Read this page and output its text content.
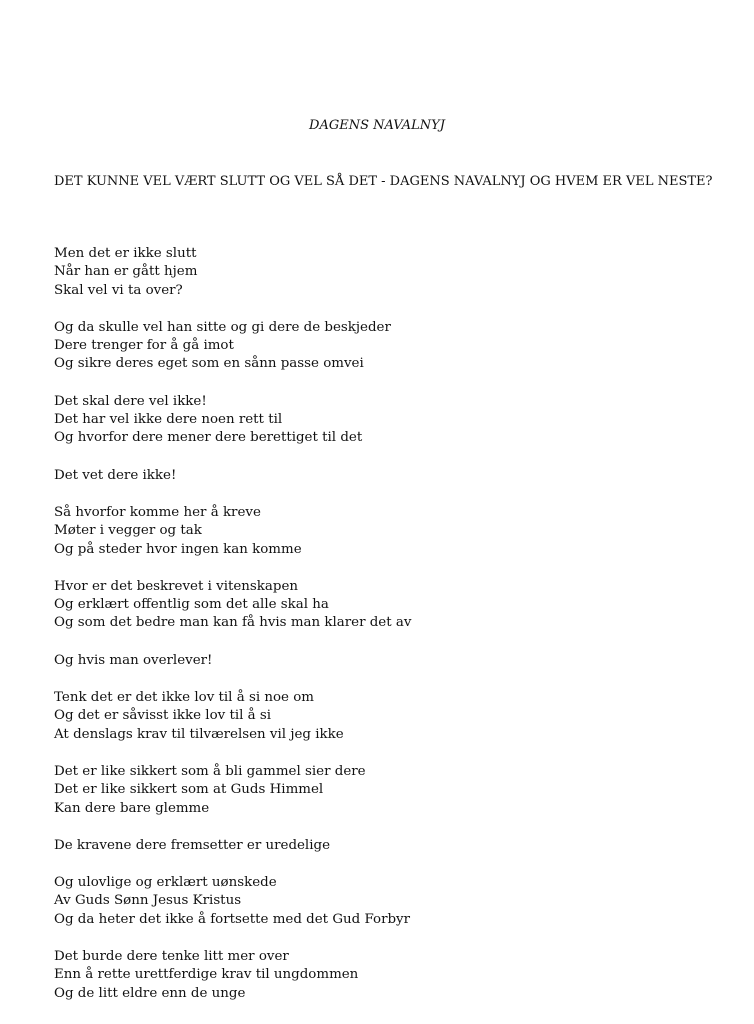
DAGENS NAVALNYJ
DET KUNNE VEL VÆRT SLUTT OG VEL SÅ DET - DAGENS NAVALNYJ OG HVEM ER VEL NESTE?
Men det er ikke slutt
Når han er gått hjem
Skal vel vi ta over?
Og da skulle vel han sitte og gi dere de beskjeder
Dere trenger for å gå imot
Og sikre deres eget som en sånn passe omvei
Det skal dere vel ikke!
Det har vel ikke dere noen rett til
Og hvorfor dere mener dere berettiget til det
Det vet dere ikke!
Så hvorfor komme her å kreve
Møter i vegger og tak
Og på steder hvor ingen kan komme
Hvor er det beskrevet i vitenskapen
Og erklært offentlig som det alle skal ha
Og som det bedre man kan få hvis man klarer det av
Og hvis man overlever!
Tenk det er det ikke lov til å si noe om
Og det er såvisst ikke lov til å si
At denslags krav til tilværelsen vil jeg ikke
Det er like sikkert som å bli gammel sier dere
Det er like sikkert som at Guds Himmel
Kan dere bare glemme
De kravene dere fremsetter er uredelige
Og ulovlige og erklært uønskede
Av Guds Sønn Jesus Kristus
Og da heter det ikke å fortsette med det Gud Forbyr
Det burde dere tenke litt mer over
Enn å rette urettferdige krav til ungdommen
Og de litt eldre enn de unge
